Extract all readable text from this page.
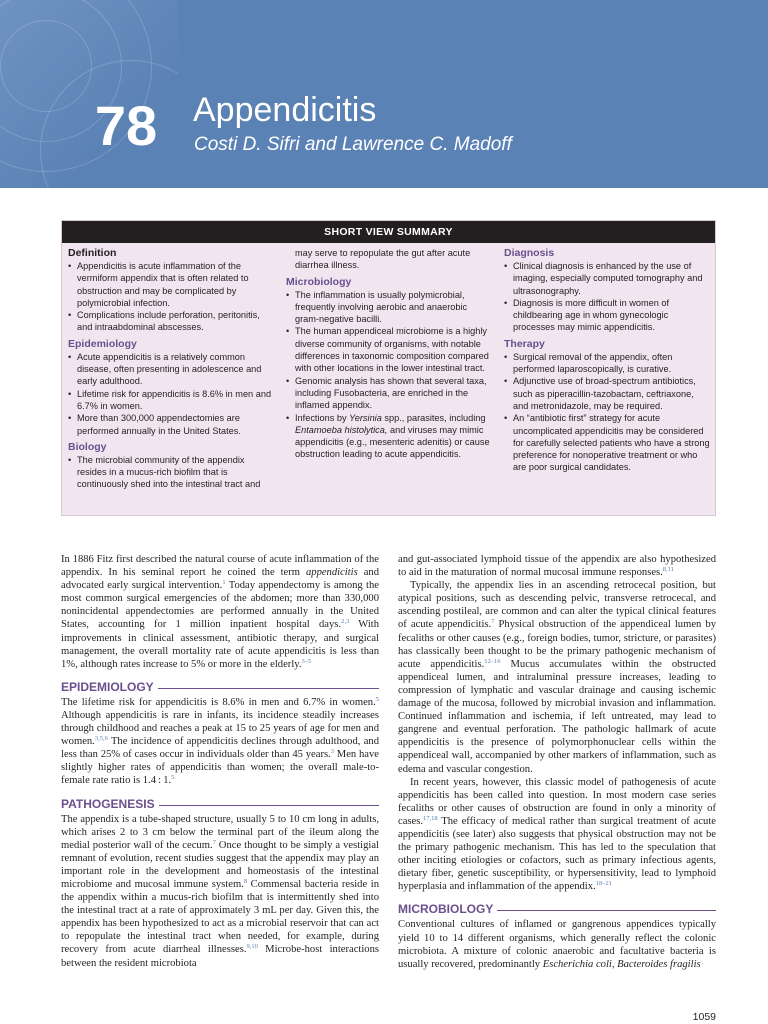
78 Appendicitis
Costi D. Sifri and Lawrence C. Madoff
SHORT VIEW SUMMARY
Definition
• Appendicitis is acute inflammation of the vermiform appendix that is often related to obstruction and may be complicated by polymicrobial infection.
• Complications include perforation, peritonitis, and intraabdominal abscesses.
Epidemiology
• Acute appendicitis is a relatively common disease, often presenting in adolescence and early adulthood.
• Lifetime risk for appendicitis is 8.6% in men and 6.7% in women.
• More than 300,000 appendectomies are performed annually in the United States.
Biology
• The microbial community of the appendix resides in a mucus-rich biofilm that is continuously shed into the intestinal tract and

may serve to repopulate the gut after acute diarrhea illness.

Microbiology
• The inflammation is usually polymicrobial, frequently involving aerobic and anaerobic gram-negative bacilli.
• The human appendiceal microbiome is a highly diverse community of organisms, with notable differences in taxonomic composition compared with other locations in the lower intestinal tract.
• Genomic analysis has shown that several taxa, including Fusobacteria, are enriched in the inflamed appendix.
• Infections by Yersinia spp., parasites, including Entamoeba histolytica, and viruses may mimic appendicitis (e.g., mesenteric adenitis) or cause obstruction leading to acute appendicitis.
Diagnosis
• Clinical diagnosis is enhanced by the use of imaging, especially computed tomography and ultrasonography.
• Diagnosis is more difficult in women of childbearing age in whom gynecologic processes may mimic appendicitis.
Therapy
• Surgical removal of the appendix, often performed laparoscopically, is curative.
• Adjunctive use of broad-spectrum antibiotics, such as piperacillin-tazobactam, ceftriaxone, and metronidazole, may be required.
• An “antibiotic first” strategy for acute uncomplicated appendicitis may be considered for carefully selected patients who have a strong preference for nonoperative treatment or who are poor surgical candidates.

In 1886 Fitz first described the natural course of acute inflammation of the appendix. In his seminal report he coined the term appendicitis and advocated early surgical intervention.$^1$ Today appendectomy is among the most common surgical emergencies of the abdomen; more than 330,000 nonincidental appendectomies are performed annually in the United States, accounting for 1 million inpatient hospital days.$^{2,3}$ With improvements in clinical assessment, antibiotic therapy, and surgical management, the overall mortality rate of acute appendicitis is less than 1%, although rates increase to 5% or more in the elderly.$^{3-5}$

EPIDEMIOLOGY

The lifetime risk for appendicitis is 8.6% in men and 6.7% in women.$^5$ Although appendicitis is rare in infants, its incidence steadily increases through childhood and reaches a peak at 15 to 25 years of age for men and women.$^{3,5,6}$ The incidence of appendicitis declines through adulthood, and less than 25% of cases occur in individuals older than 45 years.$^3$ Men have slightly higher rates of appendicitis than women; the overall male-to-female rate ratio is 1.4 : 1.$^5$

PATHOGENESIS

The appendix is a tube-shaped structure, usually 5 to 10 cm long in adults, which arises 2 to 3 cm below the terminal part of the ileum along the medial posterior wall of the cecum.$^7$ Once thought to be simply a vestigial remnant of evolution, recent studies suggest that the appendix may play an important role in the development and homeostasis of the intestinal microbiome and mucosal immune system.$^8$ Commensal bacteria reside in the appendix within a mucus-rich biofilm that is intermittently shed into the intestinal tract at a rate of approximately 3 mL per day. Given this, the appendix has been hypothesized to act as a microbial reservoir that can act to repopulate the intestinal tract when needed, for example, during recovery from acute diarrheal illnesses.$^{9,10}$ Microbe-host interactions between the resident microbiota

and gut-associated lymphoid tissue of the appendix are also hypothesized to aid in the maturation of normal mucosal immune responses.$^{8,11}$

Typically, the appendix lies in an ascending retrocecal position, but atypical positions, such as descending pelvic, transverse retrocecal, and ascending postileal, are common and can alter the typical clinical features of acute appendicitis.$^7$ Physical obstruction of the appendiceal lumen by fecaliths or other causes (e.g., foreign bodies, tumor, stricture, or parasites) has classically been thought to be the primary pathogenic mechanism of acute appendicitis.$^{12-16}$ Mucus accumulates within the obstructed appendiceal lumen, and intraluminal pressure increases, leading to compression of lymphatic and vascular drainage and causing ischemic damage of the mucosa, followed by microbial invasion and inflammation. Continued inflammation and ischemia, if left untreated, may lead to gangrene and eventual perforation. The pathologic hallmark of acute appendicitis is the presence of polymorphonuclear cells within the appendiceal wall, accompanied by other markers of inflammation, such as edema and vascular congestion.

In recent years, however, this classic model of pathogenesis of acute appendicitis has been called into question. In most modern case series fecaliths or other causes of obstruction are found in only a minority of cases.$^{17,18}$ The efficacy of medical rather than surgical treatment of acute appendicitis (see later) also suggests that physical obstruction may not be the primary pathogenic mechanism. This has led to the speculation that other inciting etiologies or cofactors, such as primary infectious agents, dietary fiber, genetic susceptibility, or hypersensitivity, lead to lymphoid hyperplasia and inflammation of the appendix.$^{18-21}$

MICROBIOLOGY

Conventional cultures of inflamed or gangrenous appendices typically yield 10 to 14 different organisms, which generally reflect the colonic microbiota. A mixture of colonic anaerobic and facultative bacteria is usually recovered, predominantly Escherichia coli, Bacteroides fragilis

1059
